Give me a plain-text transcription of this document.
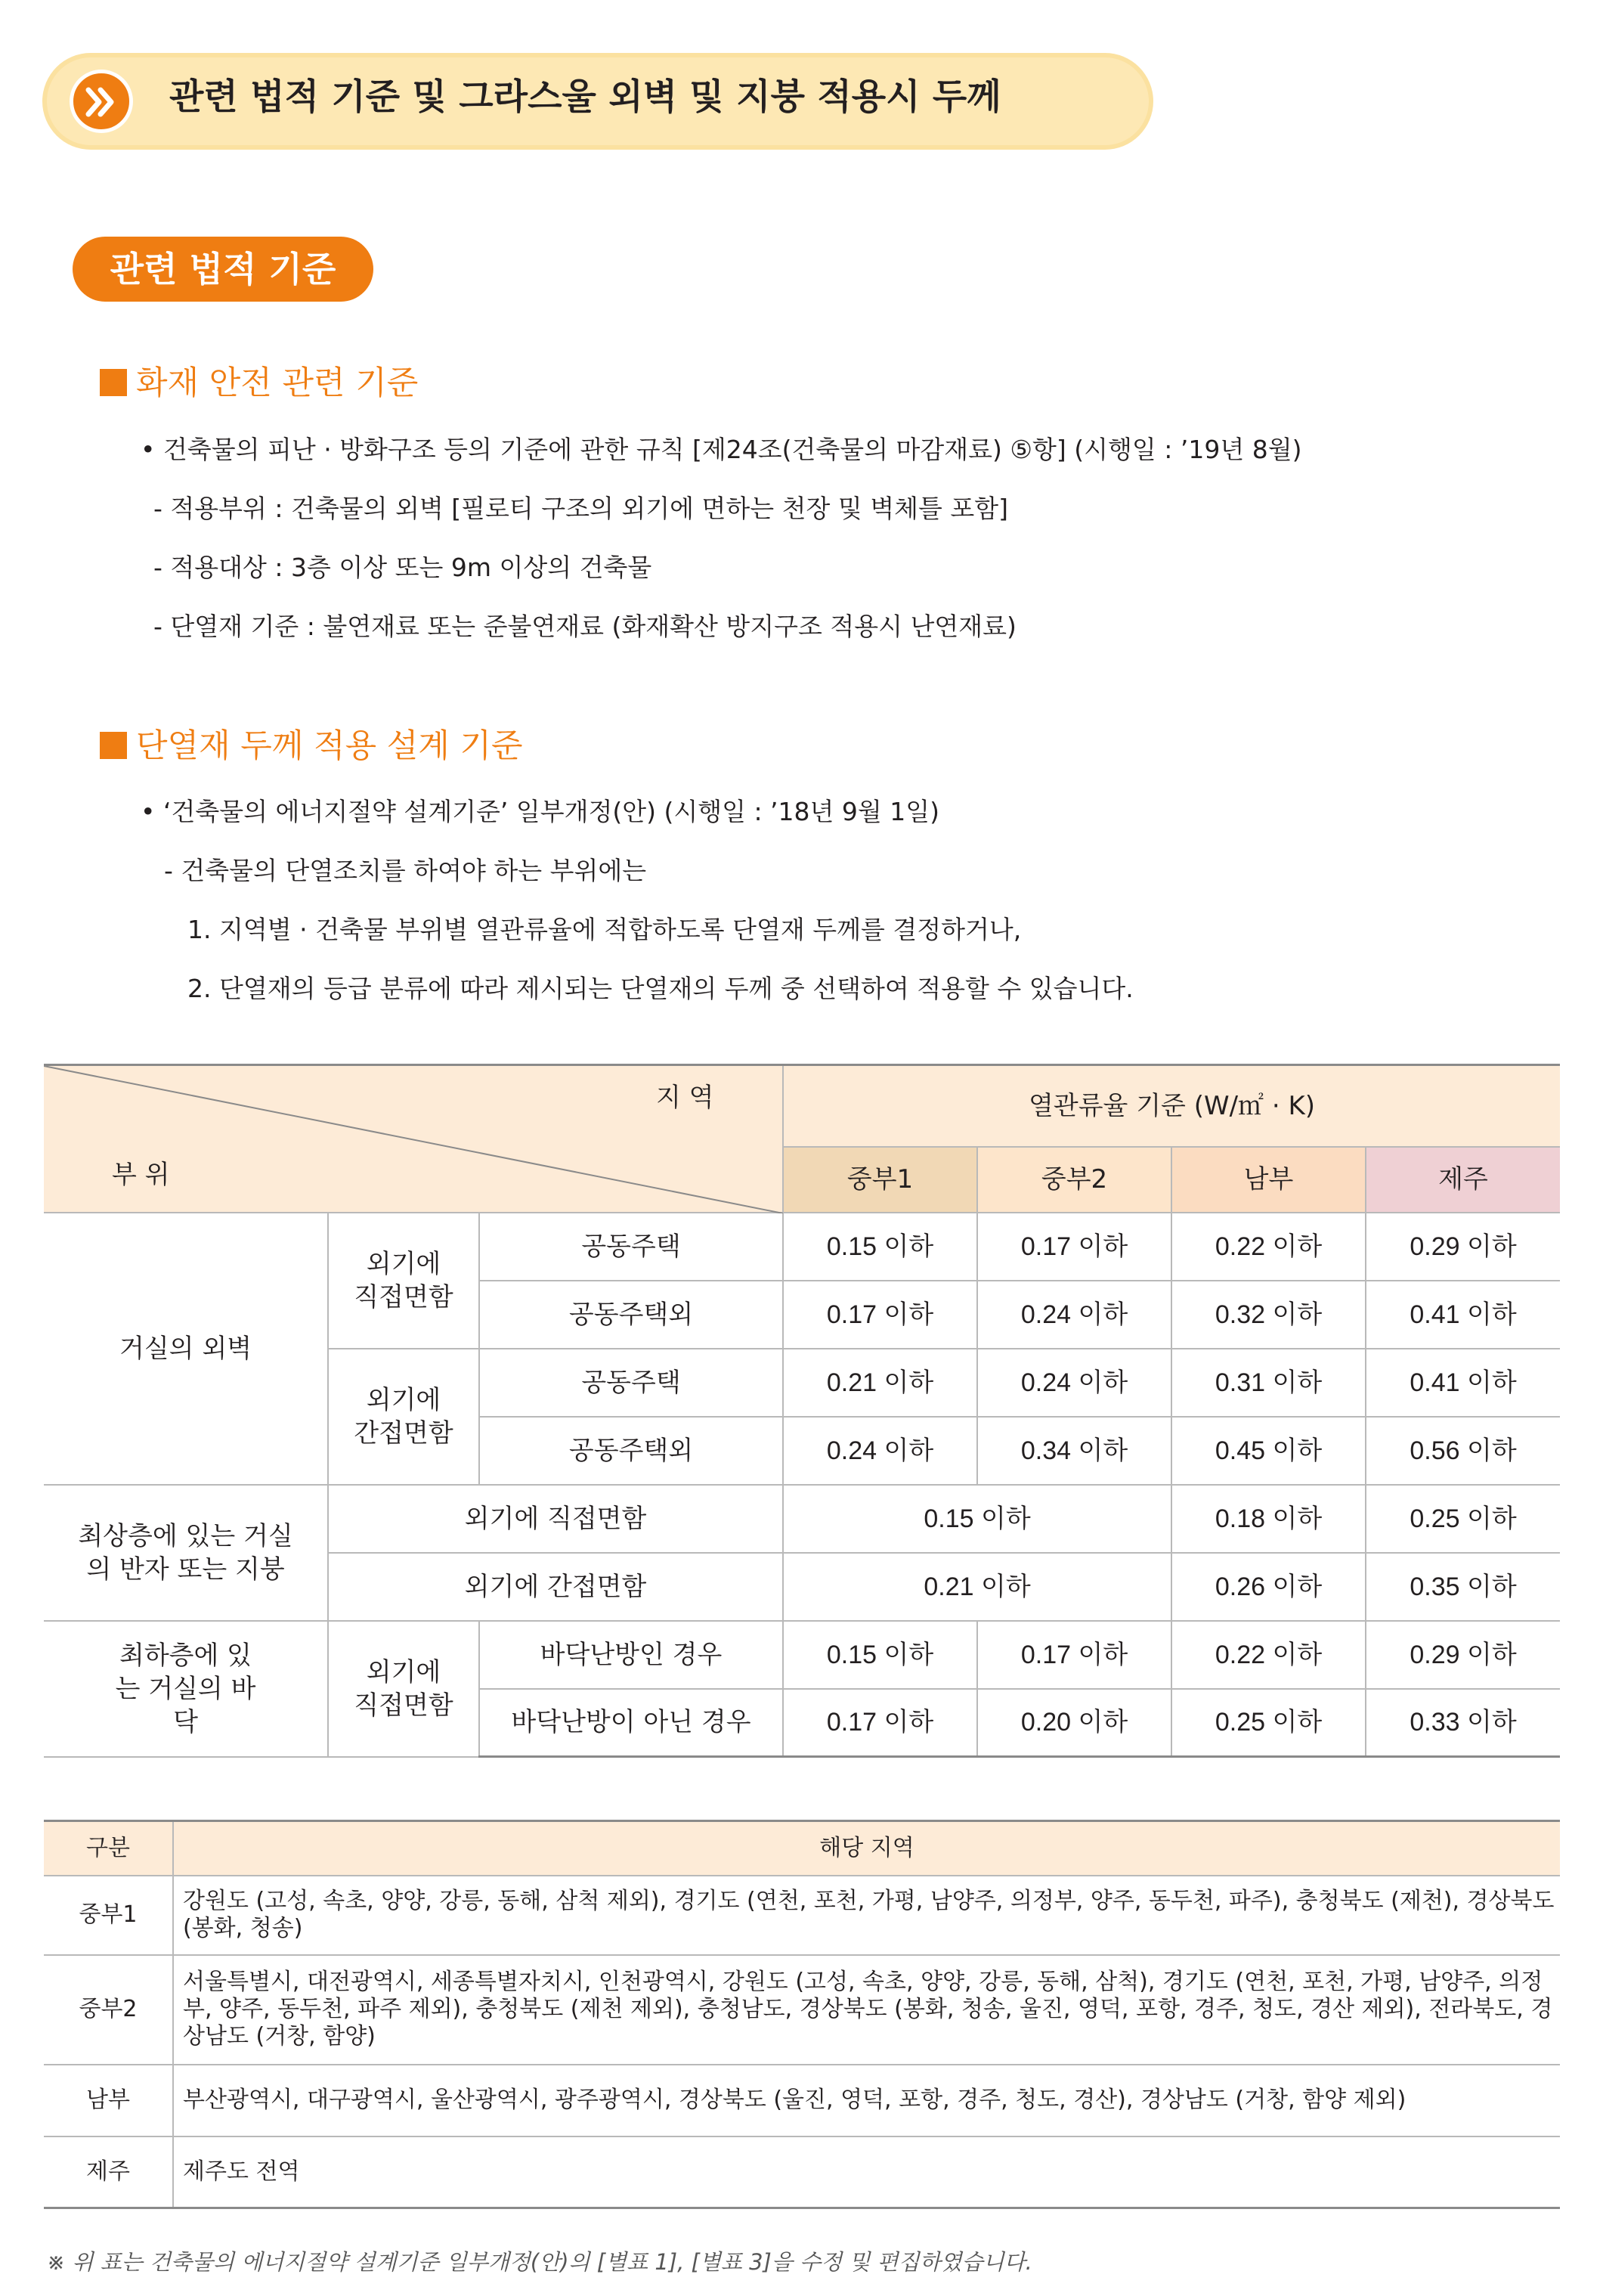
관련 법적 기준 및 그라스울 외벽 및 지붕 적용시 두께
관련 법적 기준
화재 안전 관련 기준
• 건축물의 피난 · 방화구조 등의 기준에 관한 규칙 [제24조(건축물의 마감재료) ⑤항] (시행일 : ’19년 8월)
- 적용부위 : 건축물의 외벽 [필로티 구조의 외기에 면하는 천장 및 벽체틀 포함]
- 적용대상 : 3층 이상 또는 9m 이상의 건축물
- 단열재 기준 : 불연재료 또는 준불연재료 (화재확산 방지구조 적용시 난연재료)
단열재 두께 적용 설계 기준
• ‘건축물의 에너지절약 설계기준’ 일부개정(안) (시행일 : ’18년 9월 1일)
- 건축물의 단열조치를 하여야 하는 부위에는
1. 지역별 · 건축물 부위별 열관류율에 적합하도록 단열재 두께를 결정하거나,
2. 단열재의 등급 분류에 따라 제시되는 단열재의 두께 중 선택하여 적용할 수 있습니다.
지 역
부 위			열관류율 기준 (W/㎡ · K)			
			중부1	중부2	남부	제주
거실의 외벽	외기에 직접면함	공동주택	0.15 이하	0.17 이하	0.22 이하	0.29 이하
		공동주택외	0.17 이하	0.24 이하	0.32 이하	0.41 이하
	외기에 간접면함	공동주택	0.21 이하	0.24 이하	0.31 이하	0.41 이하
		공동주택외	0.24 이하	0.34 이하	0.45 이하	0.56 이하
최상층에 있는 거실의 반자 또는 지붕	외기에 직접면함		0.15 이하		0.18 이하	0.25 이하
	외기에 간접면함		0.21 이하		0.26 이하	0.35 이하
최하층에 있는 거실의 바닥	외기에 직접면함	바닥난방인 경우	0.15 이하	0.17 이하	0.22 이하	0.29 이하
		바닥난방이 아닌 경우	0.17 이하	0.20 이하	0.25 이하	0.33 이하
구분	해당 지역
중부1	강원도 (고성, 속초, 양양, 강릉, 동해, 삼척 제외), 경기도 (연천, 포천, 가평, 남양주, 의정부, 양주, 동두천, 파주), 충청북도 (제천), 경상북도 (봉화, 청송)
중부2	서울특별시, 대전광역시, 세종특별자치시, 인천광역시, 강원도 (고성, 속초, 양양, 강릉, 동해, 삼척), 경기도 (연천, 포천, 가평, 남양주, 의정부, 양주, 동두천, 파주 제외), 충청북도 (제천 제외), 충청남도, 경상북도 (봉화, 청송, 울진, 영덕, 포항, 경주, 청도, 경산 제외), 전라북도, 경상남도 (거창, 함양)
남부	부산광역시, 대구광역시, 울산광역시, 광주광역시, 경상북도 (울진, 영덕, 포항, 경주, 청도, 경산), 경상남도 (거창, 함양 제외)
제주	제주도 전역
※ 위 표는 건축물의 에너지절약 설계기준 일부개정(안)의 [별표 1], [별표 3]을 수정 및 편집하였습니다.
